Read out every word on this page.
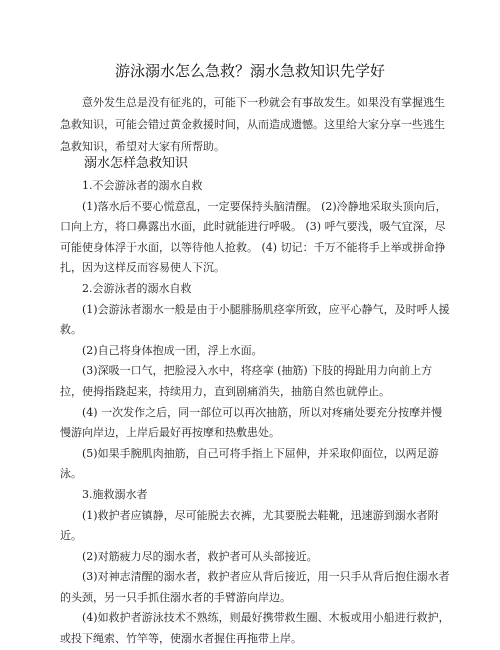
游泳溺水怎么急救？溺水急救知识先学好

意外发生总是没有征兆的，可能下一秒就会有事故发生。如果没有掌握逃生急救知识，可能会错过黄金救援时间，从而造成遗憾。这里给大家分享一些逃生急救知识，希望对大家有所帮助。

溺水怎样急救知识

1.不会游泳者的溺水自救

(1)落水后不要心慌意乱，一定要保持头脑清醒。 (2)冷静地采取头顶向后，口向上方，将口鼻露出水面，此时就能进行呼吸。 (3) 呼气要浅，吸气宜深，尽可能使身体浮于水面，以等待他人抢救。 (4) 切记：千万不能将手上举或拼命挣扎，因为这样反而容易使人下沉。

2.会游泳者的溺水自救

(1)会游泳者溺水一般是由于小腿腓肠肌痉挛所致，应平心静气，及时呼人援救。

(2)自己将身体抱成一团，浮上水面。

(3)深吸一口气，把脸浸入水中，将痉挛 (抽筋) 下肢的拇趾用力向前上方拉，使拇指跷起来，持续用力，直到剧痛消失，抽筋自然也就停止。

(4) 一次发作之后，同一部位可以再次抽筋，所以对疼痛处要充分按摩并慢慢游向岸边，上岸后最好再按摩和热敷患处。

(5)如果手腕肌肉抽筋，自己可将手指上下屈伸，并采取仰面位，以两足游泳。

3.施救溺水者

(1)救护者应镇静，尽可能脱去衣裤，尤其要脱去鞋靴，迅速游到溺水者附近。

(2)对筋疲力尽的溺水者，救护者可从头部接近。

(3)对神志清醒的溺水者，救护者应从背后接近，用一只手从背后抱住溺水者的头颈，另一只手抓住溺水者的手臂游向岸边。

(4)如救护者游泳技术不熟练，则最好携带救生圈、木板或用小船进行救护，或投下绳索、竹竿等，使溺水者握住再拖带上岸。
